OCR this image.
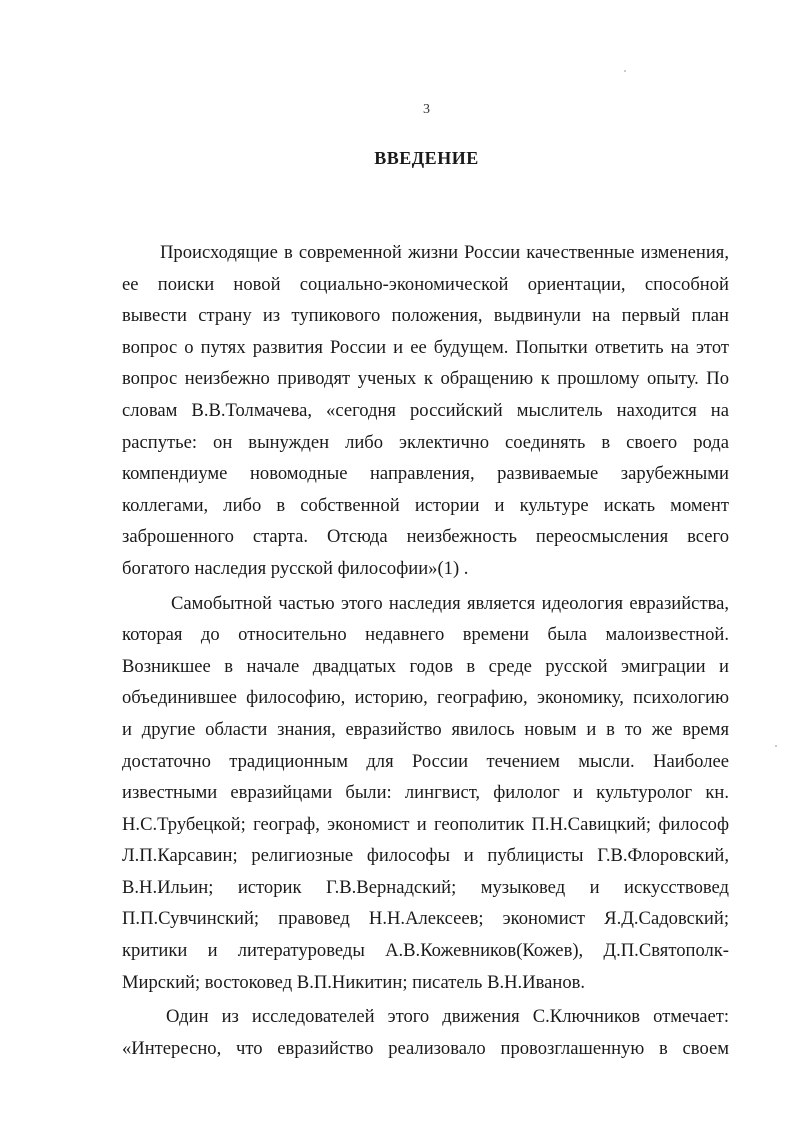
3
ВВЕДЕНИЕ
Происходящие в современной жизни России качественные изменения,
ее поиски новой социально-экономической ориентации, способной
вывести страну из тупикового положения, выдвинули на первый план
вопрос о путях развития России и ее будущем. Попытки ответить на этот
вопрос неизбежно приводят ученых к обращению к прошлому опыту. По
словам В.В.Толмачева, «сегодня российский мыслитель находится на
распутье: он вынужден либо эклектично соединять в своего рода
компендиуме новомодные направления, развиваемые зарубежными
коллегами, либо в собственной истории и культуре искать момент
заброшенного старта. Отсюда неизбежность переосмысления всего
богатого наследия русской философии»(1) .
Самобытной частью этого наследия является идеология евразийства,
которая до относительно недавнего времени была малоизвестной.
Возникшее в начале двадцатых годов в среде русской эмиграции и
объединившее философию, историю, географию, экономику, психологию
и другие области знания, евразийство явилось новым и в то же время
достаточно традиционным для России течением мысли. Наиболее
известными евразийцами были: лингвист, филолог и культуролог кн.
Н.С.Трубецкой; географ, экономист и геополитик П.Н.Савицкий; философ
Л.П.Карсавин; религиозные философы и публицисты Г.В.Флоровский,
В.Н.Ильин; историк Г.В.Вернадский; музыковед и искусствовед
П.П.Сувчинский; правовед Н.Н.Алексеев; экономист Я.Д.Садовский;
критики и литературоведы А.В.Кожевников(Кожев), Д.П.Святополк-
Мирский; востоковед В.П.Никитин; писатель В.Н.Иванов.
Один из исследователей этого движения С.Ключников отмечает:
«Интересно, что евразийство реализовало провозглашенную в своем
